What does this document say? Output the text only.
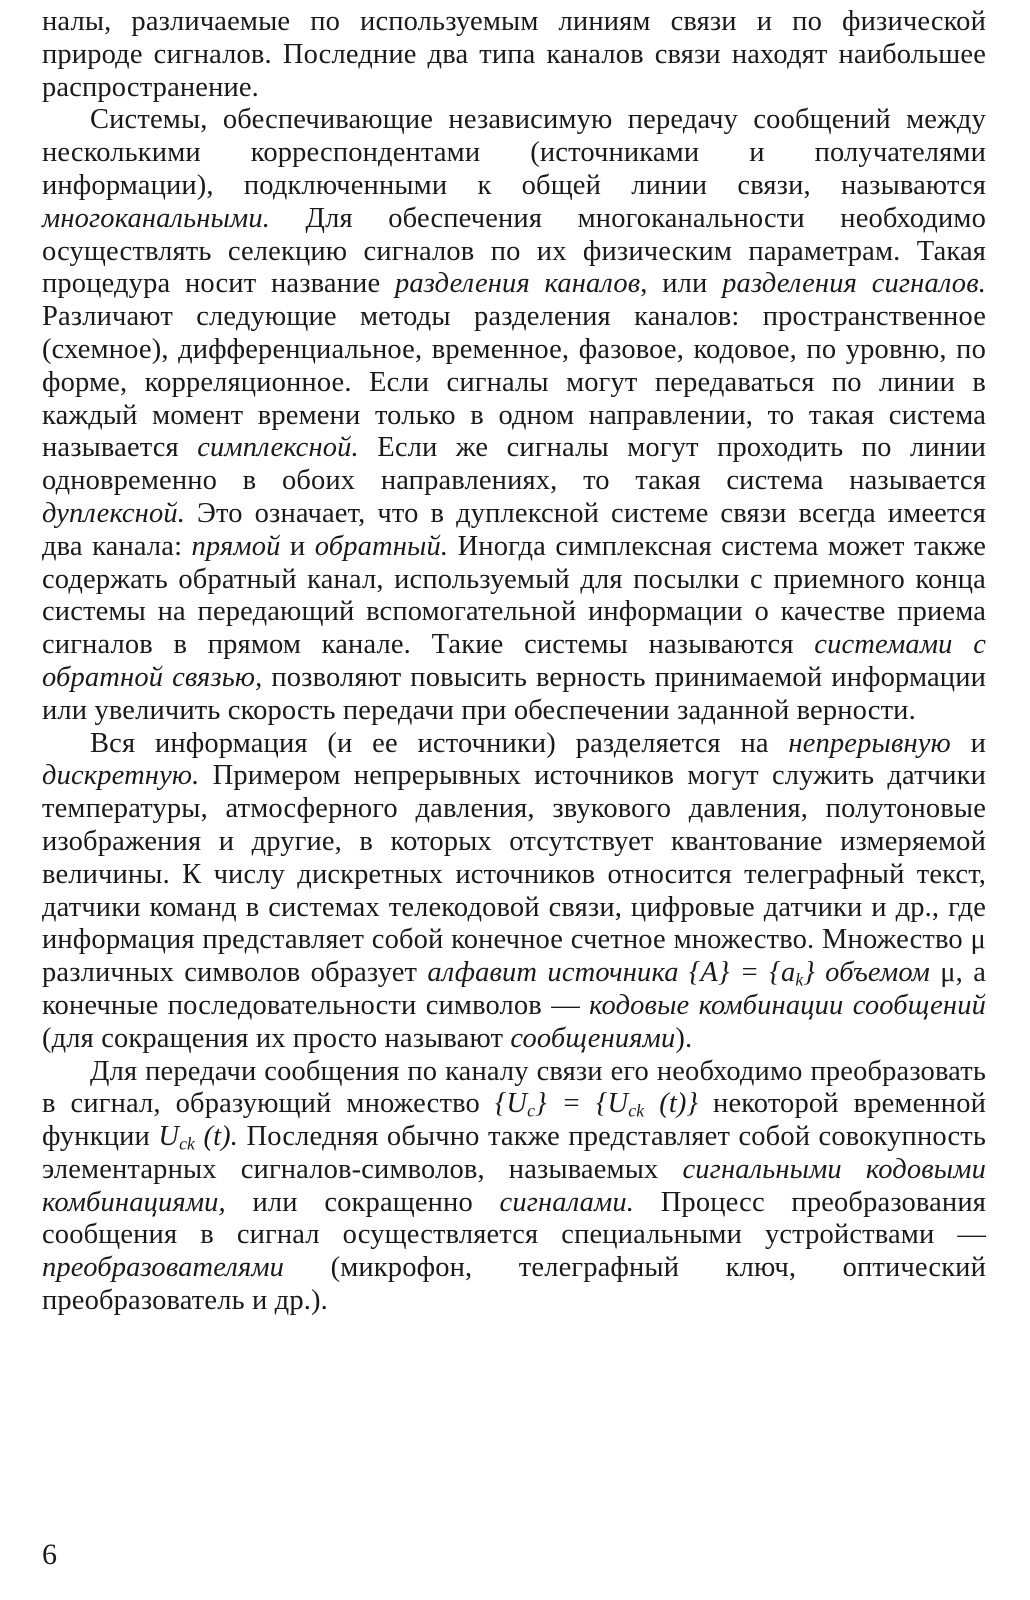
налы, различаемые по используемым линиям связи и по физической природе сигналов. Последние два типа каналов связи находят наибольшее распространение.

Системы, обеспечивающие независимую передачу сообщений между несколькими корреспондентами (источниками и получателями информации), подключенными к общей линии связи, называются многоканальными. Для обеспечения многоканальности необходимо осуществлять селекцию сигналов по их физическим параметрам. Такая процедура носит название разделения каналов, или разделения сигналов. Различают следующие методы разделения каналов: пространственное (схемное), дифференциальное, временное, фазовое, кодовое, по уровню, по форме, корреляционное. Если сигналы могут передаваться по линии в каждый момент времени только в одном направлении, то такая система называется симплексной. Если же сигналы могут проходить по линии одновременно в обоих направлениях, то такая система называется дуплексной. Это означает, что в дуплексной системе связи всегда имеется два канала: прямой и обратный. Иногда симплексная система может также содержать обратный канал, используемый для посылки с приемного конца системы на передающий вспомогательной информации о качестве приема сигналов в прямом канале. Такие системы называются системами с обратной связью, позволяют повысить верность принимаемой информации или увеличить скорость передачи при обеспечении заданной верности.

Вся информация (и ее источники) разделяется на непрерывную и дискретную. Примером непрерывных источников могут служить датчики температуры, атмосферного давления, звукового давления, полутоновые изображения и другие, в которых отсутствует квантование измеряемой величины. К числу дискретных источников относится телеграфный текст, датчики команд в системах телекодовой связи, цифровые датчики и др., где информация представляет собой конечное счетное множество. Множество μ различных символов образует алфавит источника $\{A\} = \{a_k\}$ объемом μ, а конечные последовательности символов — кодовые комбинации сообщений (для сокращения их просто называют сообщениями).

Для передачи сообщения по каналу связи его необходимо преобразовать в сигнал, образующий множество $\{U_c\} = \{U_{ck}$ (t)} некоторой временной функции $U_{ck}$ (t). Последняя обычно также представляет собой совокупность элементарных сигналов-символов, называемых сигнальными кодовыми комбинациями, или сокращенно сигналами. Процесс преобразования сообщения в сигнал осуществляется специальными устройствами — преобразователями (микрофон, телеграфный ключ, оптический преобразователь и др.).

6
